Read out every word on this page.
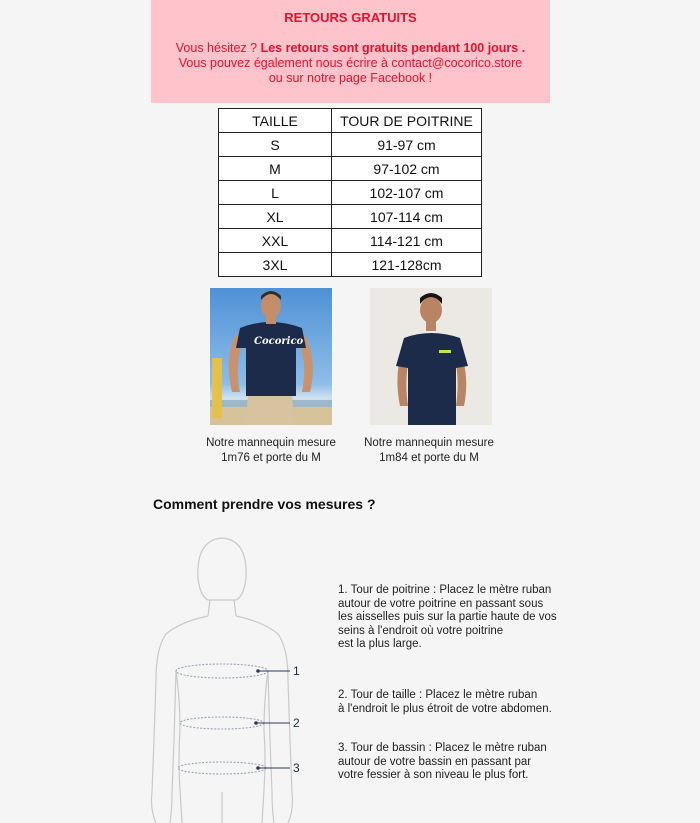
RETOURS GRATUITS
Vous hésitez ? Les retours sont gratuits pendant 100 jours .
Vous pouvez également nous écrire à contact@cocorico.store
ou sur notre page Facebook !
TAILLE	TOUR DE POITRINE
S	91-97 cm
M	97-102 cm
L	102-107 cm
XL	107-114 cm
XXL	114-121 cm
3XL	121-128cm
Cocorico
Notre mannequin mesure
1m76 et porte du M
Notre mannequin mesure
1m84 et porte du M
Comment prendre vos mesures ?
1
2
3
1. Tour de poitrine : Placez le mètre ruban
autour de votre poitrine en passant sous
les aisselles puis sur la partie haute de vos
seins à l'endroit où votre poitrine
est la plus large.
2. Tour de taille : Placez le mètre ruban
à l'endroit le plus étroit de votre abdomen.
3. Tour de bassin : Placez le mètre ruban
autour de votre bassin en passant par
votre fessier à son niveau le plus fort.
